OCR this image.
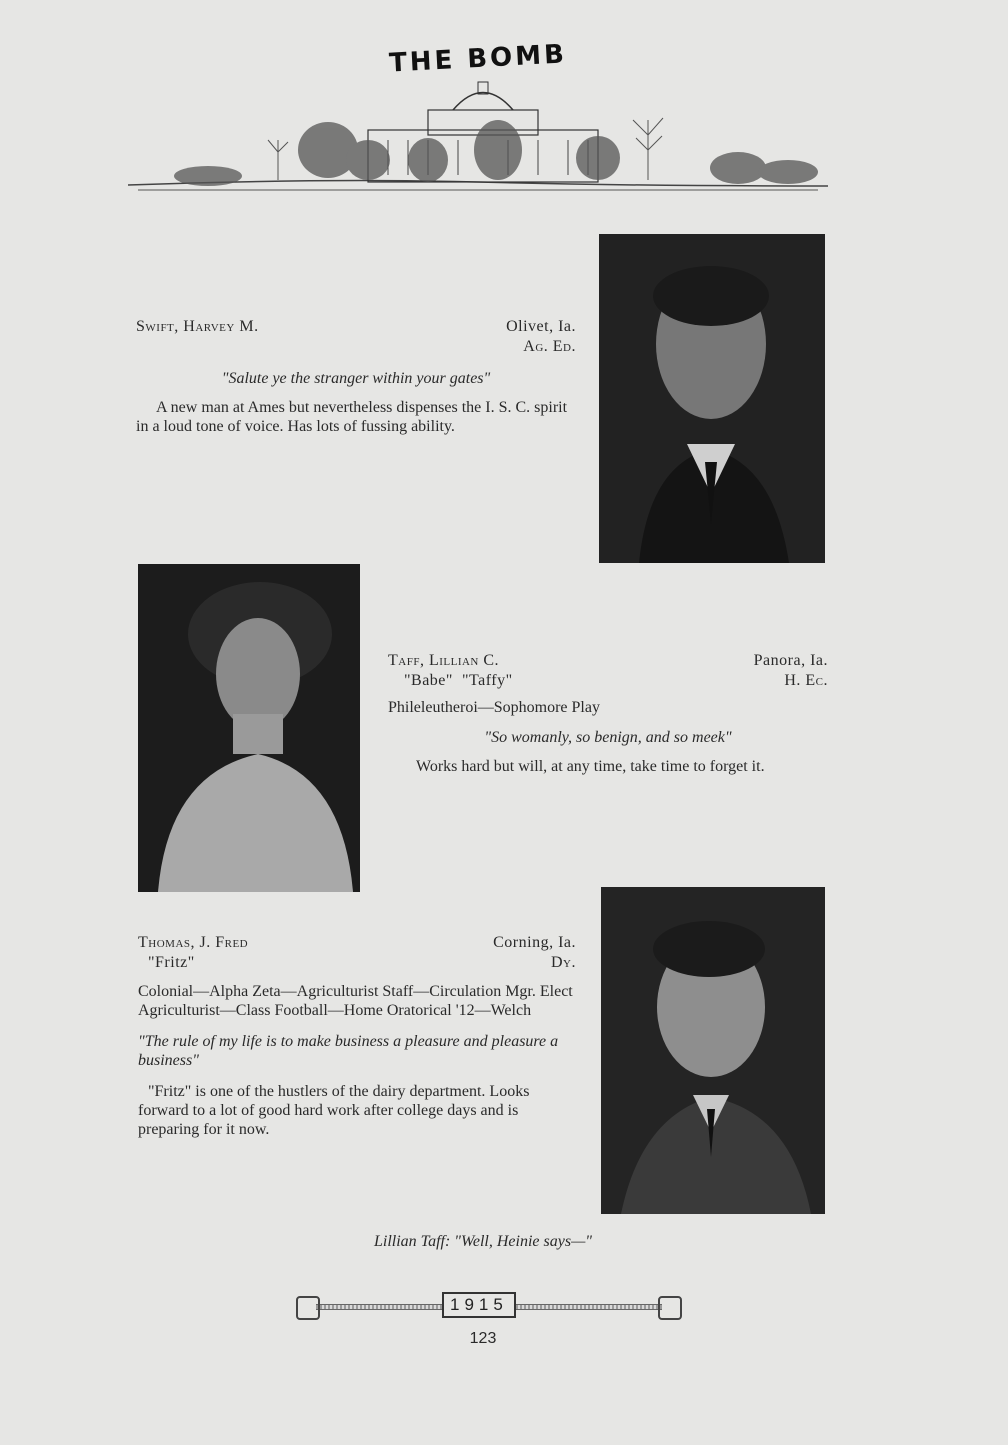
THE BOMB
Swift, Harvey M.	Olivet, Ia.
Ag. Ed.
"Salute ye the stranger within your gates"
A new man at Ames but nevertheless dispenses the I. S. C. spirit in a loud tone of voice. Has lots of fussing ability.
Taff, Lillian C.	Panora, Ia.
"Babe"  "Taffy"	H. Ec.
Phileleutheroi—Sophomore Play
"So womanly, so benign, and so meek"
Works hard but will, at any time, take time to forget it.
Thomas, J. Fred	Corning, Ia.
"Fritz"	Dy.
Colonial—Alpha Zeta—Agriculturist Staff—Circulation Mgr. Elect Agriculturist—Class Football—Home Oratorical '12—Welch
"The rule of my life is to make business a pleasure and pleasure a business"
"Fritz" is one of the hustlers of the dairy department. Looks forward to a lot of good hard work after college days and is preparing for it now.
Lillian Taff: "Well, Heinie says—"
1915
123
